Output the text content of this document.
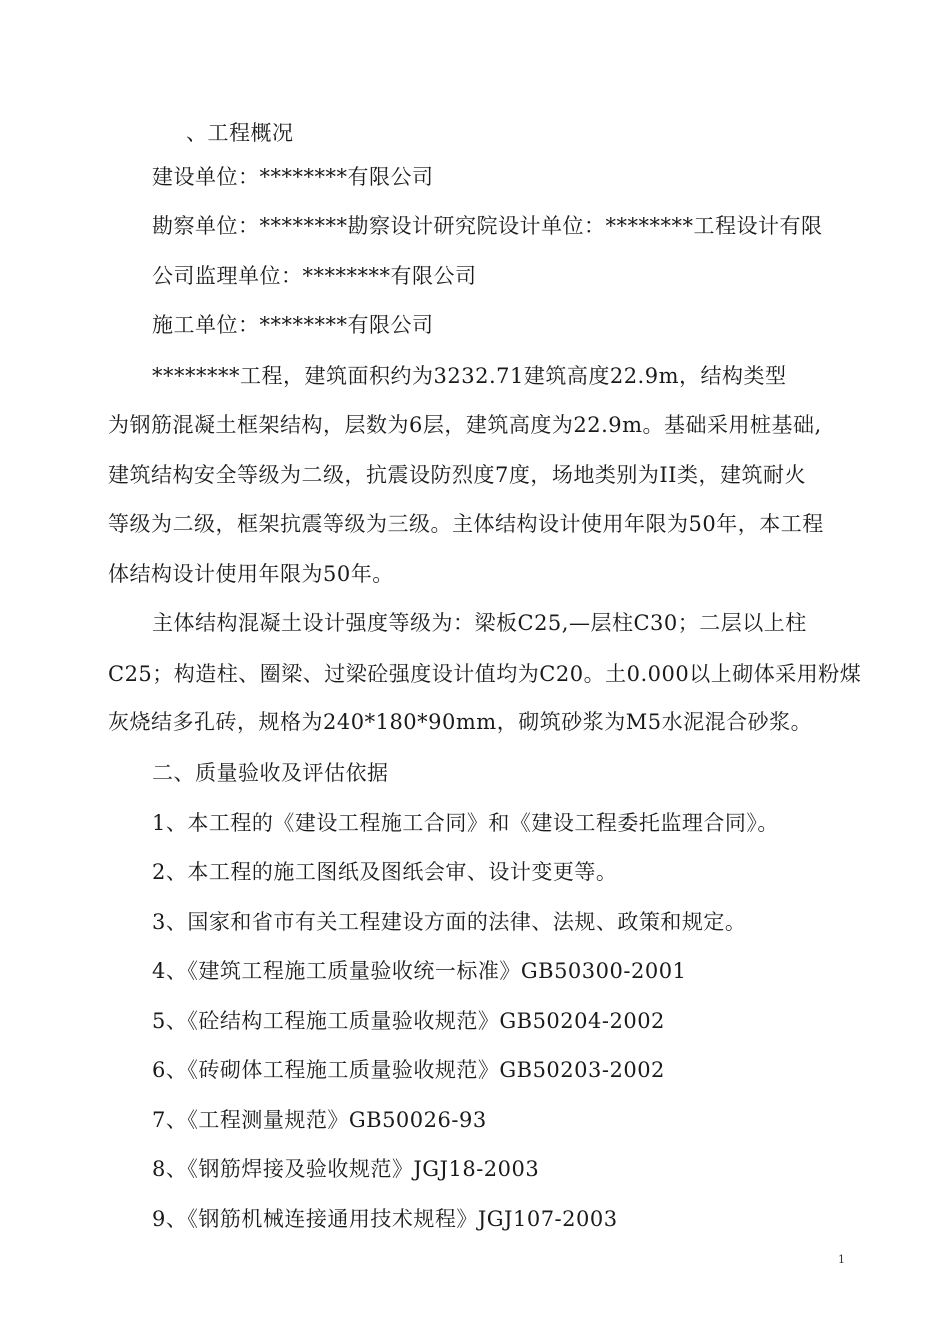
、工程概况
建设单位：********有限公司
勘察单位：********勘察设计研究院设计单位：********工程设计有限
公司监理单位：********有限公司
施工单位：********有限公司
********工程，建筑面积约为3232.71建筑高度22.9m，结构类型
为钢筋混凝土框架结构，层数为6层，建筑高度为22.9m。基础采用桩基础,
建筑结构安全等级为二级，抗震设防烈度7度，场地类别为II类，建筑耐火
等级为二级，框架抗震等级为三级。主体结构设计使用年限为50年，本工程
体结构设计使用年限为50年。
主体结构混凝土设计强度等级为：梁板C25,—层柱C30；二层以上柱
C25；构造柱、圈梁、过梁砼强度设计值均为C20。土0.000以上砌体采用粉煤
灰烧结多孔砖，规格为240*180*90mm，砌筑砂浆为M5水泥混合砂浆。
二、质量验收及评估依据
1、本工程的《建设工程施工合同》和《建设工程委托监理合同》。
2、本工程的施工图纸及图纸会审、设计变更等。
3、国家和省市有关工程建设方面的法律、法规、政策和规定。
4、《建筑工程施工质量验收统一标准》GB50300-2001
5、《砼结构工程施工质量验收规范》GB50204-2002
6、《砖砌体工程施工质量验收规范》GB50203-2002
7、《工程测量规范》GB50026-93
8、《钢筋焊接及验收规范》JGJ18-2003
9、《钢筋机械连接通用技术规程》JGJ107-2003
1
